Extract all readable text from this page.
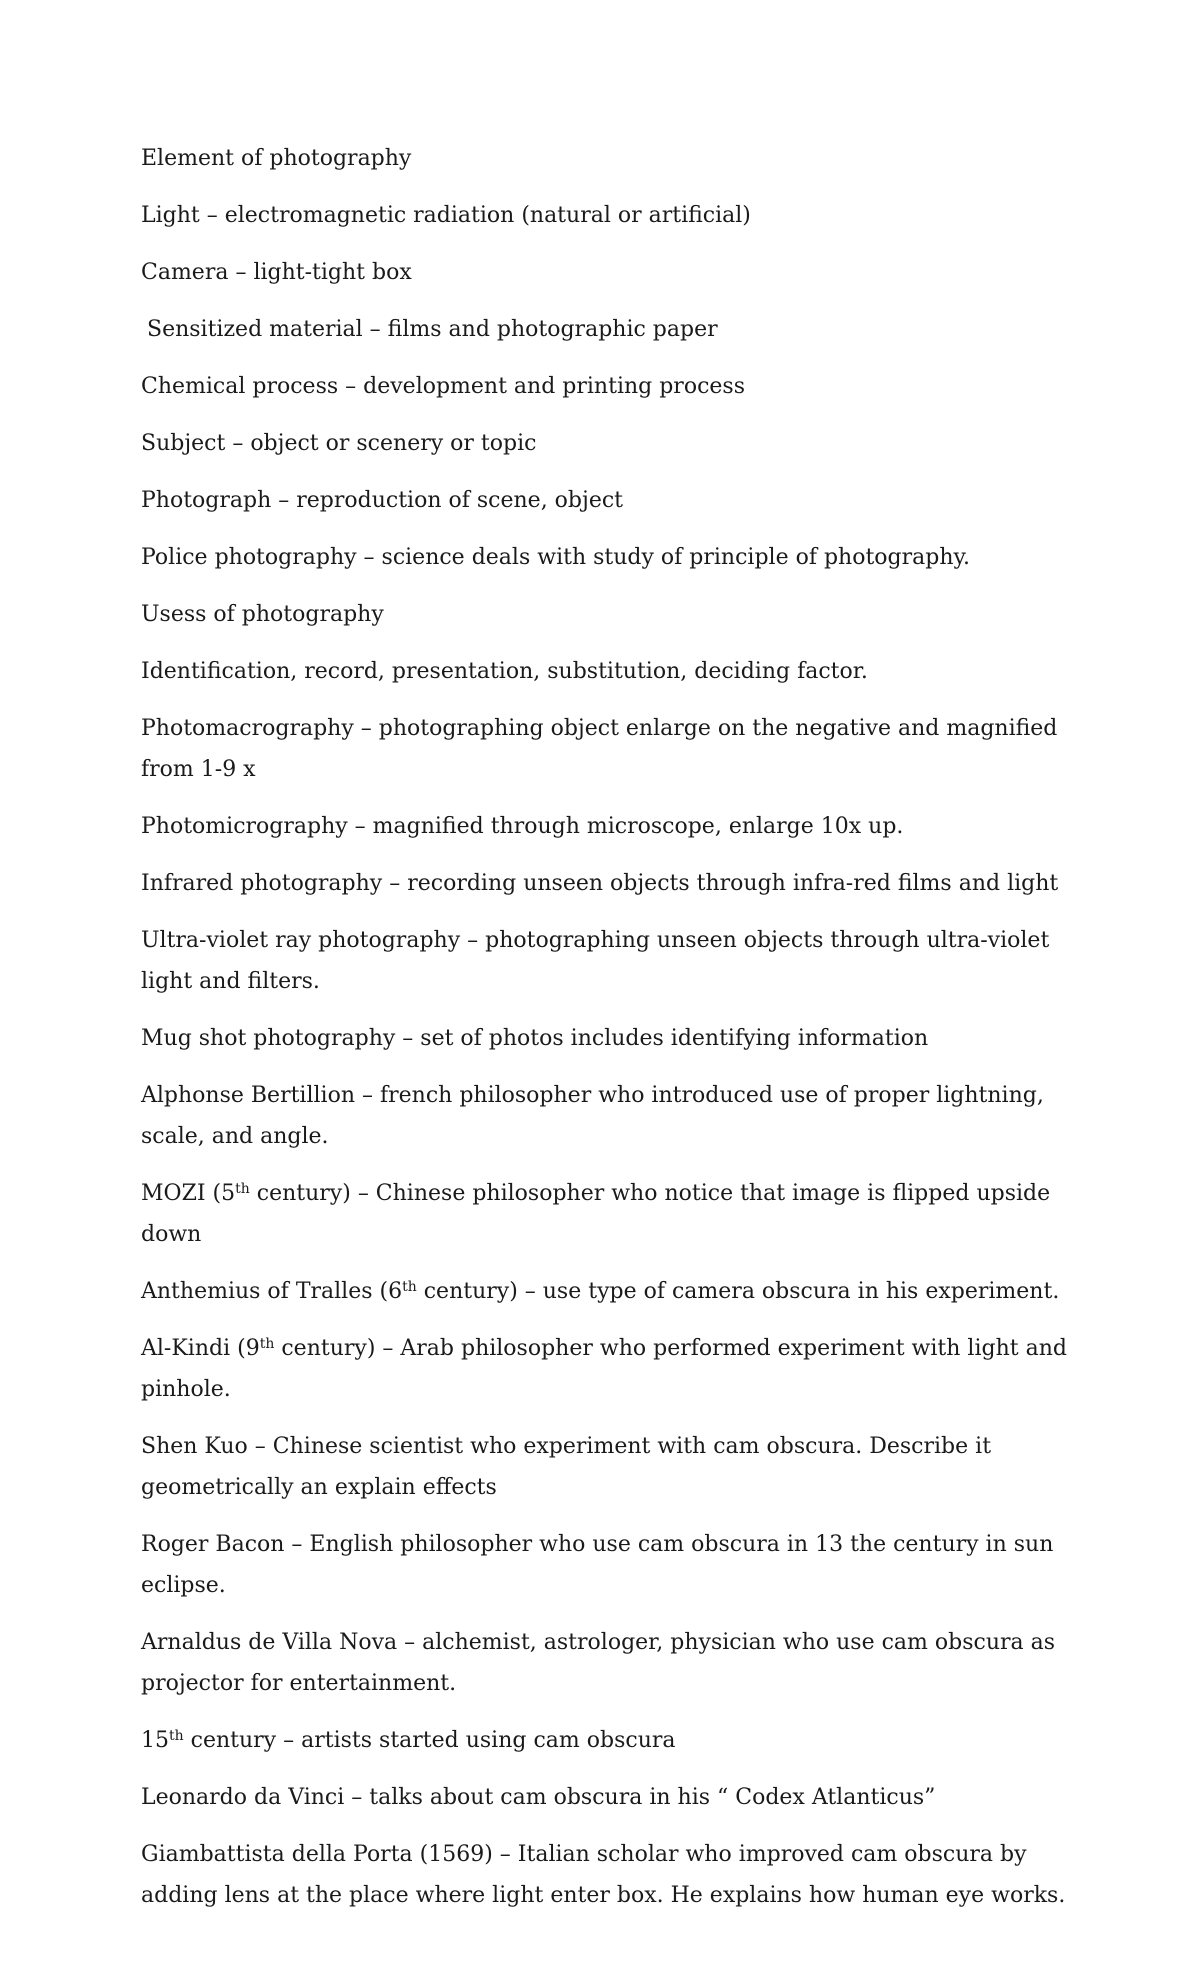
Element of photography

Light – electromagnetic radiation (natural or artificial)

Camera – light-tight box

Sensitized material – films and photographic paper

Chemical process – development and printing process

Subject – object or scenery or topic

Photograph – reproduction of scene, object

Police photography – science deals with study of principle of photography.

Usess of photography

Identification, record, presentation, substitution, deciding factor.

Photomacrography – photographing object enlarge on the negative and magnified from 1-9 x

Photomicrography – magnified through microscope, enlarge 10x up.

Infrared photography – recording unseen objects through infra-red films and light

Ultra-violet ray photography – photographing unseen objects through ultra-violet light and filters.

Mug shot photography – set of photos includes identifying information

Alphonse Bertillion – french philosopher who introduced use of proper lightning, scale, and angle.

MOZI (5th century) – Chinese philosopher who notice that image is flipped upside down

Anthemius of Tralles (6th century) – use type of camera obscura in his experiment.

Al-Kindi (9th century) – Arab philosopher who performed experiment with light and pinhole.

Shen Kuo – Chinese scientist who experiment with cam obscura. Describe it geometrically an explain effects

Roger Bacon – English philosopher who use cam obscura in 13 the century in sun eclipse.

Arnaldus de Villa Nova – alchemist, astrologer, physician who use cam obscura as projector for entertainment.

15th century – artists started using cam obscura

Leonardo da Vinci – talks about cam obscura in his “ Codex Atlanticus”

Giambattista della Porta (1569) – Italian scholar who improved cam obscura by adding lens at the place where light enter box. He explains how human eye works.
